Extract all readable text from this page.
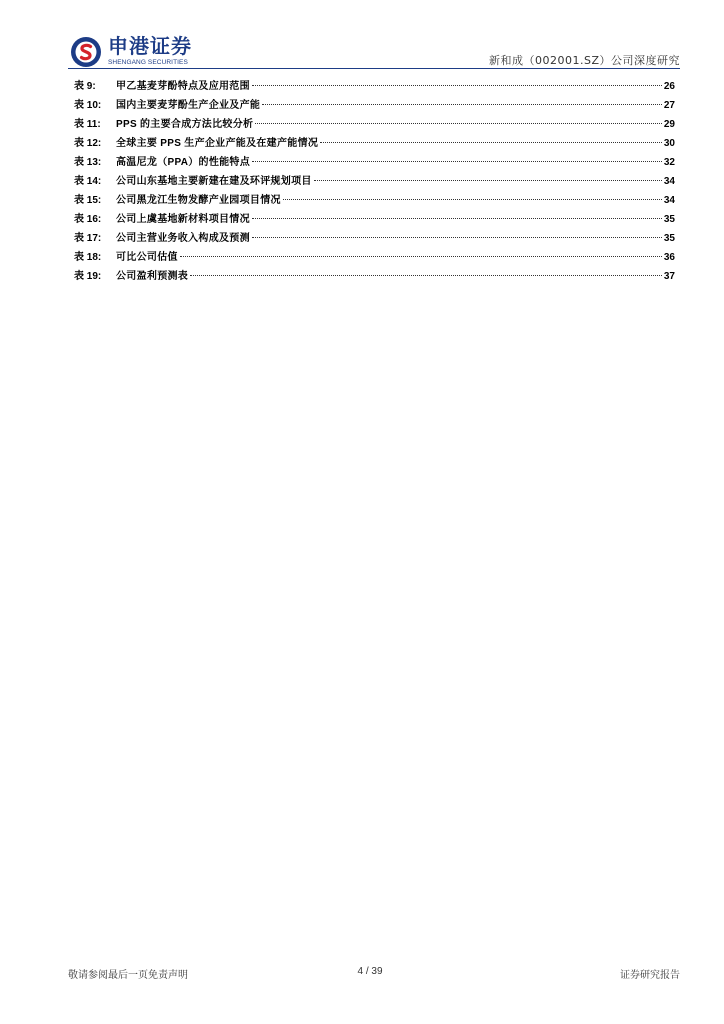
申港证券
SHENGANG SECURITIES	新和成（002001.SZ）公司深度研究
表 9:	甲乙基麦芽酚特点及应用范围	26
表 10:	国内主要麦芽酚生产企业及产能	27
表 11:	PPS 的主要合成方法比较分析	29
表 12:	全球主要 PPS 生产企业产能及在建产能情况	30
表 13:	高温尼龙（PPA）的性能特点	32
表 14:	公司山东基地主要新建在建及环评规划项目	34
表 15:	公司黑龙江生物发酵产业园项目情况	34
表 16:	公司上虞基地新材料项目情况	35
表 17:	公司主营业务收入构成及预测	35
表 18:	可比公司估值	36
表 19:	公司盈利预测表	37
敬请参阅最后一页免责声明	4 / 39	证券研究报告
